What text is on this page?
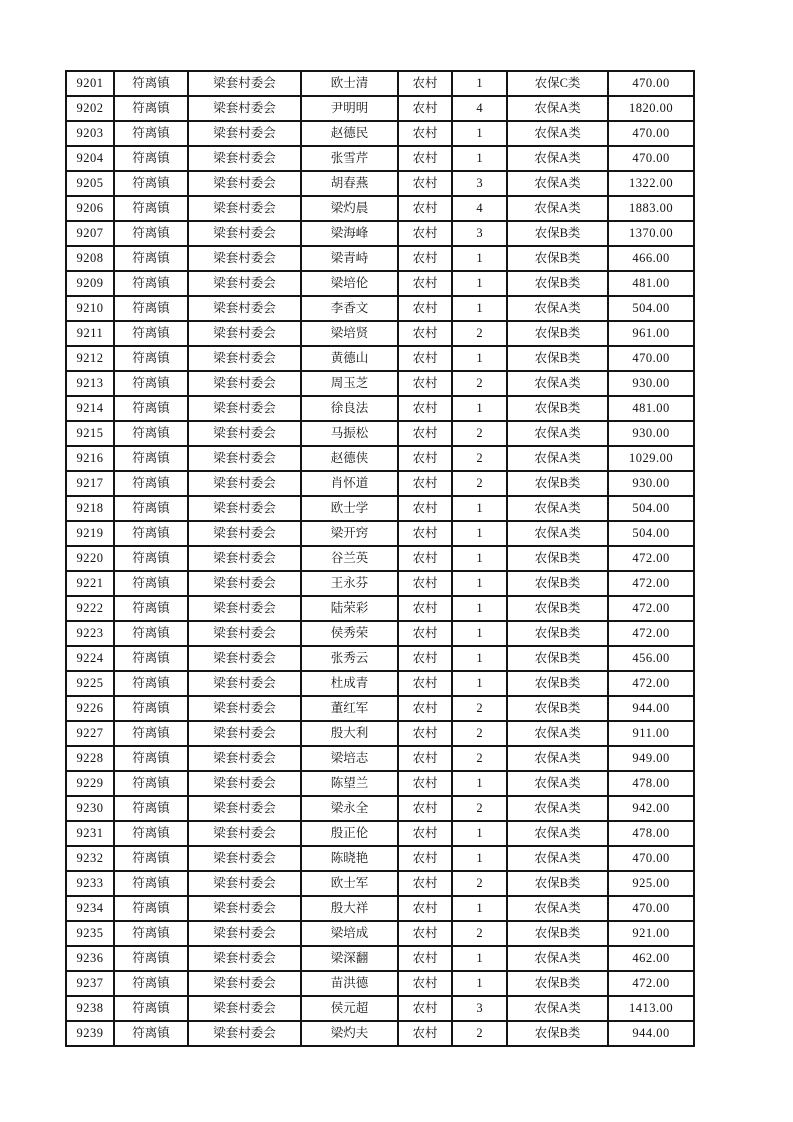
9201	符离镇	梁套村委会	欧士清	农村	1	农保C类	470.00
9202	符离镇	梁套村委会	尹明明	农村	4	农保A类	1820.00
9203	符离镇	梁套村委会	赵德民	农村	1	农保A类	470.00
9204	符离镇	梁套村委会	张雪芹	农村	1	农保A类	470.00
9205	符离镇	梁套村委会	胡春燕	农村	3	农保A类	1322.00
9206	符离镇	梁套村委会	梁灼晨	农村	4	农保A类	1883.00
9207	符离镇	梁套村委会	梁海峰	农村	3	农保B类	1370.00
9208	符离镇	梁套村委会	梁青峙	农村	1	农保B类	466.00
9209	符离镇	梁套村委会	梁培伦	农村	1	农保B类	481.00
9210	符离镇	梁套村委会	李香文	农村	1	农保A类	504.00
9211	符离镇	梁套村委会	梁培贤	农村	2	农保B类	961.00
9212	符离镇	梁套村委会	黄德山	农村	1	农保B类	470.00
9213	符离镇	梁套村委会	周玉芝	农村	2	农保A类	930.00
9214	符离镇	梁套村委会	徐良法	农村	1	农保B类	481.00
9215	符离镇	梁套村委会	马振松	农村	2	农保A类	930.00
9216	符离镇	梁套村委会	赵德侠	农村	2	农保A类	1029.00
9217	符离镇	梁套村委会	肖怀道	农村	2	农保B类	930.00
9218	符离镇	梁套村委会	欧士学	农村	1	农保A类	504.00
9219	符离镇	梁套村委会	梁开窍	农村	1	农保A类	504.00
9220	符离镇	梁套村委会	谷兰英	农村	1	农保B类	472.00
9221	符离镇	梁套村委会	王永芬	农村	1	农保B类	472.00
9222	符离镇	梁套村委会	陆荣彩	农村	1	农保B类	472.00
9223	符离镇	梁套村委会	侯秀荣	农村	1	农保B类	472.00
9224	符离镇	梁套村委会	张秀云	农村	1	农保B类	456.00
9225	符离镇	梁套村委会	杜成青	农村	1	农保B类	472.00
9226	符离镇	梁套村委会	董红军	农村	2	农保B类	944.00
9227	符离镇	梁套村委会	殷大利	农村	2	农保A类	911.00
9228	符离镇	梁套村委会	梁培志	农村	2	农保A类	949.00
9229	符离镇	梁套村委会	陈望兰	农村	1	农保A类	478.00
9230	符离镇	梁套村委会	梁永全	农村	2	农保A类	942.00
9231	符离镇	梁套村委会	殷正伦	农村	1	农保A类	478.00
9232	符离镇	梁套村委会	陈晓艳	农村	1	农保A类	470.00
9233	符离镇	梁套村委会	欧士军	农村	2	农保B类	925.00
9234	符离镇	梁套村委会	殷大祥	农村	1	农保A类	470.00
9235	符离镇	梁套村委会	梁培成	农村	2	农保B类	921.00
9236	符离镇	梁套村委会	梁深翻	农村	1	农保A类	462.00
9237	符离镇	梁套村委会	苗洪德	农村	1	农保B类	472.00
9238	符离镇	梁套村委会	侯元超	农村	3	农保A类	1413.00
9239	符离镇	梁套村委会	梁灼夫	农村	2	农保B类	944.00
